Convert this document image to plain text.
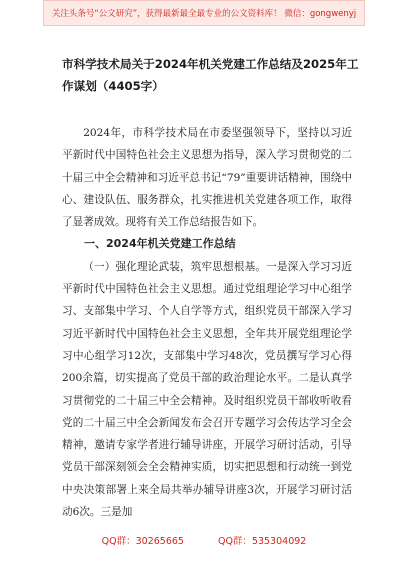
关注头条号“公文研究”，获得最新最全最专业的公文资料库！ 微信：gongwenyj
市科学技术局关于2024年机关党建工作总结及2025年工作谋划（4405字）

2024年，市科学技术局在市委坚强领导下，坚持以习近平新时代中国特色社会主义思想为指导，深入学习贯彻党的二十届三中全会精神和习近平总书记“79”重要讲话精神，围绕中心、建设队伍、服务群众，扎实推进机关党建各项工作，取得了显著成效。现将有关工作总结报告如下。

一、2024年机关党建工作总结

（一）强化理论武装，筑牢思想根基。一是深入学习习近平新时代中国特色社会主义思想。通过党组理论学习中心组学习、支部集中学习、个人自学等方式，组织党员干部深入学习习近平新时代中国特色社会主义思想，全年共开展党组理论学习中心组学习12次，支部集中学习48次，党员撰写学习心得200余篇，切实提高了党员干部的政治理论水平。二是认真学习贯彻党的二十届三中全会精神。及时组织党员干部收听收看党的二十届三中全会新闻发布会召开专题学习会传达学习全会精神，邀请专家学者进行辅导讲座，开展学习研讨活动，引导党员干部深刻领会全会精神实质，切实把思想和行动统一到党中央决策部署上来全局共举办辅导讲座3次，开展学习研讨活动6次。三是加

QQ群：30265665	QQ群：535304092
